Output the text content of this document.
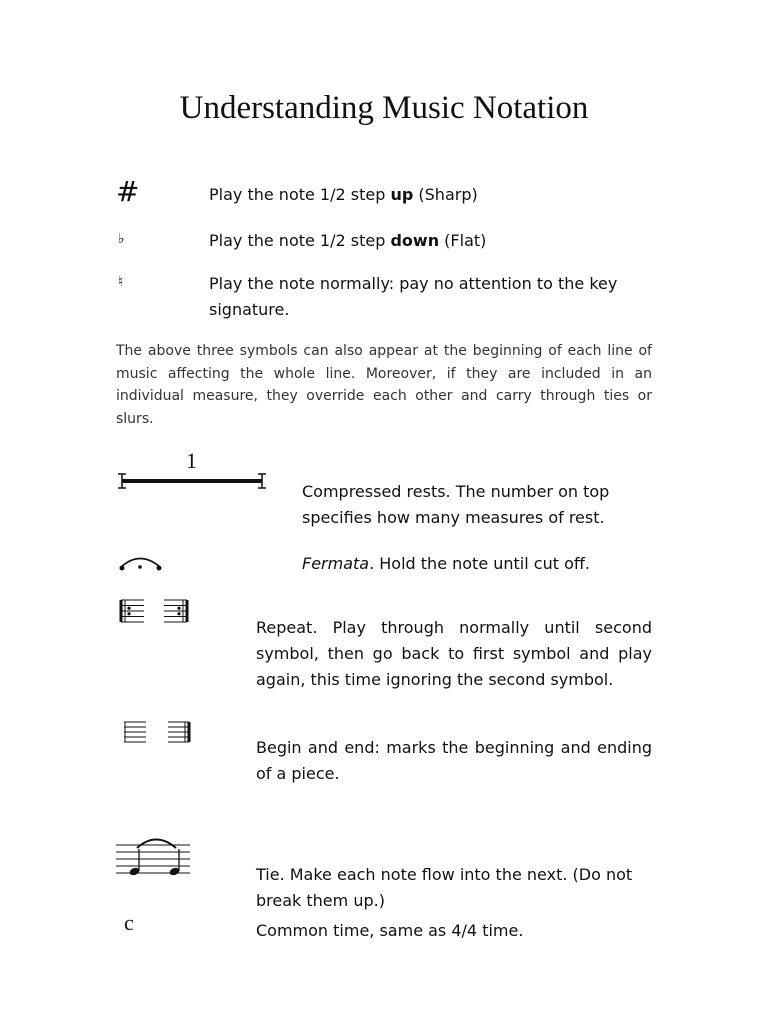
Understanding Music Notation
#	Play the note 1/2 step up (Sharp)
♭	Play the note 1/2 step down (Flat)
♮	Play the note normally: pay no attention to the key signature.
The above three symbols can also appear at the beginning of each line of music affecting the whole line. Moreover, if they are included in an individual measure, they override each other and carry through ties or slurs.
1
Compressed rests. The number on top specifies how many measures of rest.
Fermata. Hold the note until cut off.
Repeat. Play through normally until second symbol, then go back to first symbol and play again, this time ignoring the second symbol.
Begin and end: marks the beginning and ending of a piece.
Tie. Make each note flow into the next. (Do not break them up.)
c	Common time, same as 4/4 time.
